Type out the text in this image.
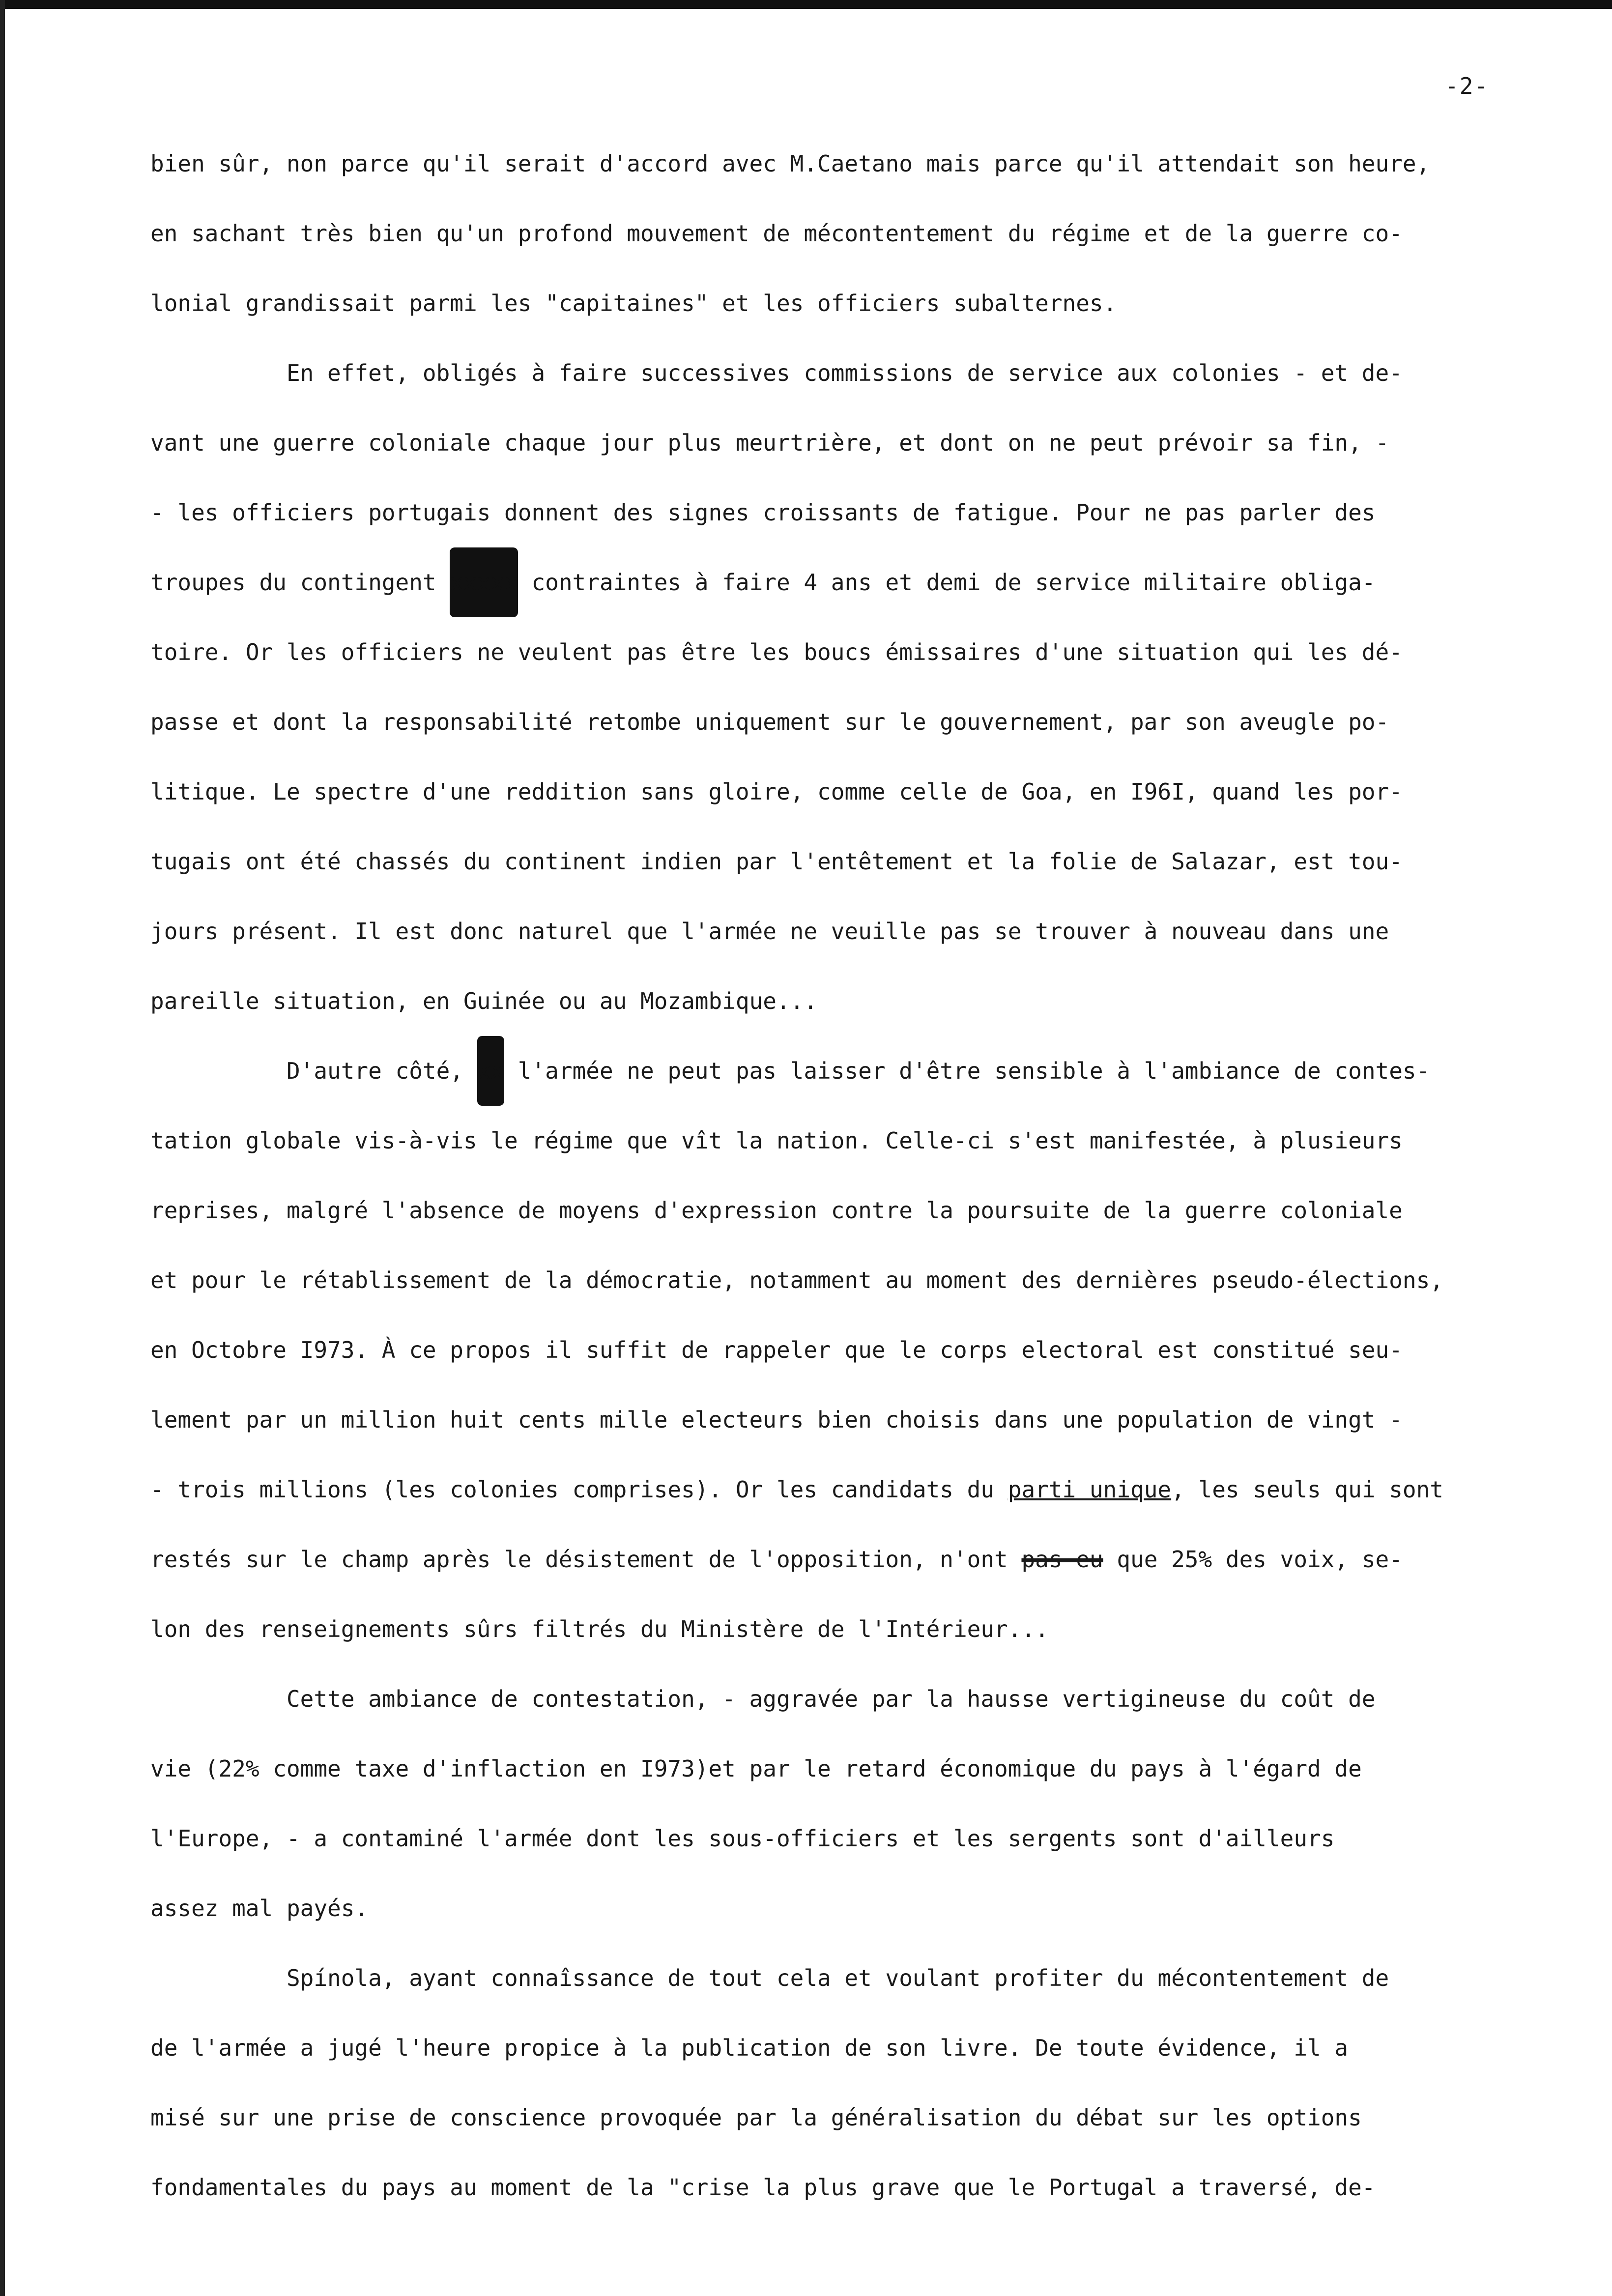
-2-
bien sûr, non parce qu'il serait d'accord avec M.Caetano mais parce qu'il attendait son heure,
en sachant très bien qu'un profond mouvement de mécontentement du régime et de la guerre co-
lonial grandissait parmi les "capitaines" et les officiers subalternes.
En effet, obligés à faire successives commissions de service aux colonies - et de-
vant une guerre coloniale chaque jour plus meurtrière, et dont on ne peut prévoir sa fin, -
- les officiers portugais donnent des signes croissants de fatigue. Pour ne pas parler des
troupes du contingent xxxxx contraintes à faire 4 ans et demi de service militaire obliga-
toire. Or les officiers ne veulent pas être les boucs émissaires d'une situation qui les dé-
passe et dont la responsabilité retombe uniquement sur le gouvernement, par son aveugle po-
litique. Le spectre d'une reddition sans gloire, comme celle de Goa, en I96I, quand les por-
tugais ont été chassés du continent indien par l'entêtement et la folie de Salazar, est tou-
jours présent. Il est donc naturel que l'armée ne veuille pas se trouver à nouveau dans une
pareille situation, en Guinée ou au Mozambique...
D'autre côté, xx l'armée ne peut pas laisser d'être sensible à l'ambiance de contes-
tation globale vis-à-vis le régime que vît la nation. Celle-ci s'est manifestée, à plusieurs
reprises, malgré l'absence de moyens d'expression contre la poursuite de la guerre coloniale
et pour le rétablissement de la démocratie, notamment au moment des dernières pseudo-élections,
en Octobre I973. À ce propos il suffit de rappeler que le corps electoral est constitué seu-
lement par un million huit cents mille electeurs bien choisis dans une population de vingt -
- trois millions (les colonies comprises). Or les candidats du parti unique, les seuls qui sont
restés sur le champ après le désistement de l'opposition, n'ont pas eu que 25% des voix, se-
lon des renseignements sûrs filtrés du Ministère de l'Intérieur...
Cette ambiance de contestation, - aggravée par la hausse vertigineuse du coût de
vie (22% comme taxe d'inflaction en I973)et par le retard économique du pays à l'égard de
l'Europe, - a contaminé l'armée dont les sous-officiers et les sergents sont d'ailleurs
assez mal payés.
Spínola, ayant connaîssance de tout cela et voulant profiter du mécontentement de
de l'armée a jugé l'heure propice à la publication de son livre. De toute évidence, il a
misé sur une prise de conscience provoquée par la généralisation du débat sur les options
fondamentales du pays au moment de la "crise la plus grave que le Portugal a traversé, de-
